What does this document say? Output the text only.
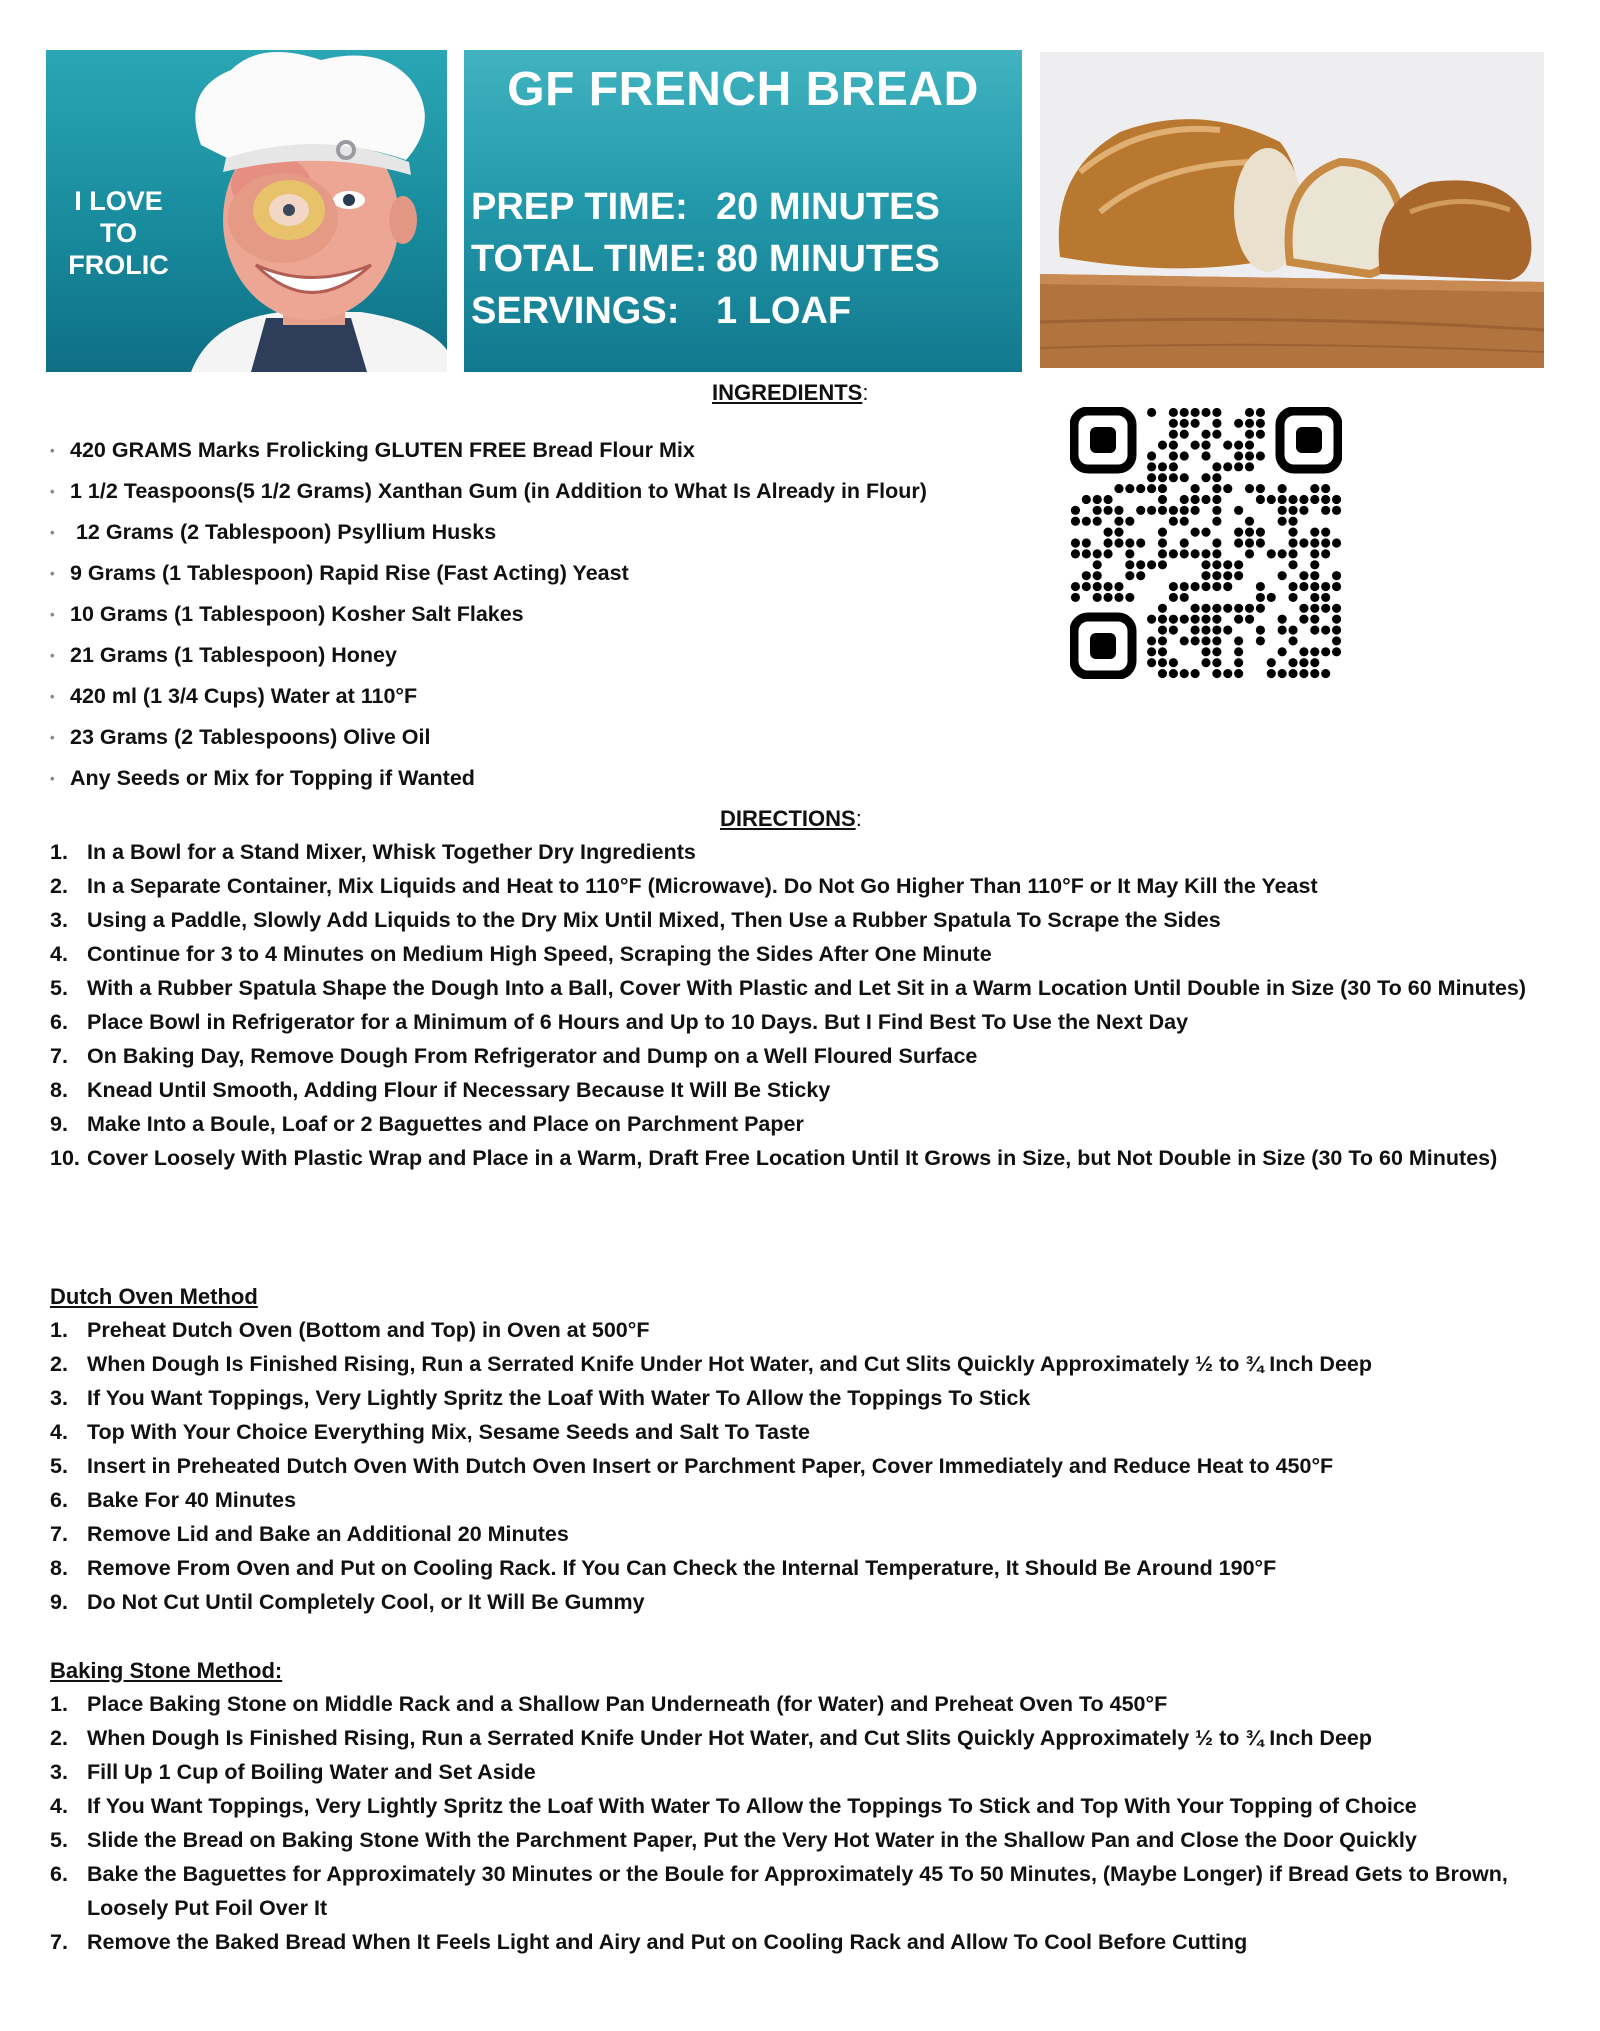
I LOVE
TO
FROLIC
GF FRENCH BREAD
PREP TIME: 20 MINUTES
TOTAL TIME: 80 MINUTES
SERVINGS: 1 LOAF
INGREDIENTS:
• 420 GRAMS Marks Frolicking GLUTEN FREE Bread Flour Mix
• 1 1/2 Teaspoons(5 1/2 Grams) Xanthan Gum (in Addition to What Is Already in Flour)
• 12 Grams (2 Tablespoon) Psyllium Husks
• 9 Grams (1 Tablespoon) Rapid Rise (Fast Acting) Yeast
• 10 Grams (1 Tablespoon) Kosher Salt Flakes
• 21 Grams (1 Tablespoon) Honey
• 420 ml (1 3/4 Cups) Water at 110°F
• 23 Grams (2 Tablespoons) Olive Oil
• Any Seeds or Mix for Topping if Wanted
DIRECTIONS:
1. In a Bowl for a Stand Mixer, Whisk Together Dry Ingredients
2. In a Separate Container, Mix Liquids and Heat to 110°F (Microwave). Do Not Go Higher Than 110°F or It May Kill the Yeast
3. Using a Paddle, Slowly Add Liquids to the Dry Mix Until Mixed, Then Use a Rubber Spatula To Scrape the Sides
4. Continue for 3 to 4 Minutes on Medium High Speed, Scraping the Sides After One Minute
5. With a Rubber Spatula Shape the Dough Into a Ball, Cover With Plastic and Let Sit in a Warm Location Until Double in Size (30 To 60 Minutes)
6. Place Bowl in Refrigerator for a Minimum of 6 Hours and Up to 10 Days. But I Find Best To Use the Next Day
7. On Baking Day, Remove Dough From Refrigerator and Dump on a Well Floured Surface
8. Knead Until Smooth, Adding Flour if Necessary Because It Will Be Sticky
9. Make Into a Boule, Loaf or 2 Baguettes and Place on Parchment Paper
10. Cover Loosely With Plastic Wrap and Place in a Warm, Draft Free Location Until It Grows in Size, but Not Double in Size (30 To 60 Minutes)
Dutch Oven Method
1. Preheat Dutch Oven (Bottom and Top) in Oven at 500°F
2. When Dough Is Finished Rising, Run a Serrated Knife Under Hot Water, and Cut Slits Quickly Approximately ½ to ¾ Inch Deep
3. If You Want Toppings, Very Lightly Spritz the Loaf With Water To Allow the Toppings To Stick
4. Top With Your Choice Everything Mix, Sesame Seeds and Salt To Taste
5. Insert in Preheated Dutch Oven With Dutch Oven Insert or Parchment Paper, Cover Immediately and Reduce Heat to 450°F
6. Bake For 40 Minutes
7. Remove Lid and Bake an Additional 20 Minutes
8. Remove From Oven and Put on Cooling Rack. If You Can Check the Internal Temperature, It Should Be Around 190°F
9. Do Not Cut Until Completely Cool, or It Will Be Gummy
Baking Stone Method:
1. Place Baking Stone on Middle Rack and a Shallow Pan Underneath (for Water) and Preheat Oven To 450°F
2. When Dough Is Finished Rising, Run a Serrated Knife Under Hot Water, and Cut Slits Quickly Approximately ½ to ¾ Inch Deep
3. Fill Up 1 Cup of Boiling Water and Set Aside
4. If You Want Toppings, Very Lightly Spritz the Loaf With Water To Allow the Toppings To Stick and Top With Your Topping of Choice
5. Slide the Bread on Baking Stone With the Parchment Paper, Put the Very Hot Water in the Shallow Pan and Close the Door Quickly
6. Bake the Baguettes for Approximately 30 Minutes or the Boule for Approximately 45 To 50 Minutes, (Maybe Longer) if Bread Gets to Brown, Loosely Put Foil Over It
7. Remove the Baked Bread When It Feels Light and Airy and Put on Cooling Rack and Allow To Cool Before Cutting
